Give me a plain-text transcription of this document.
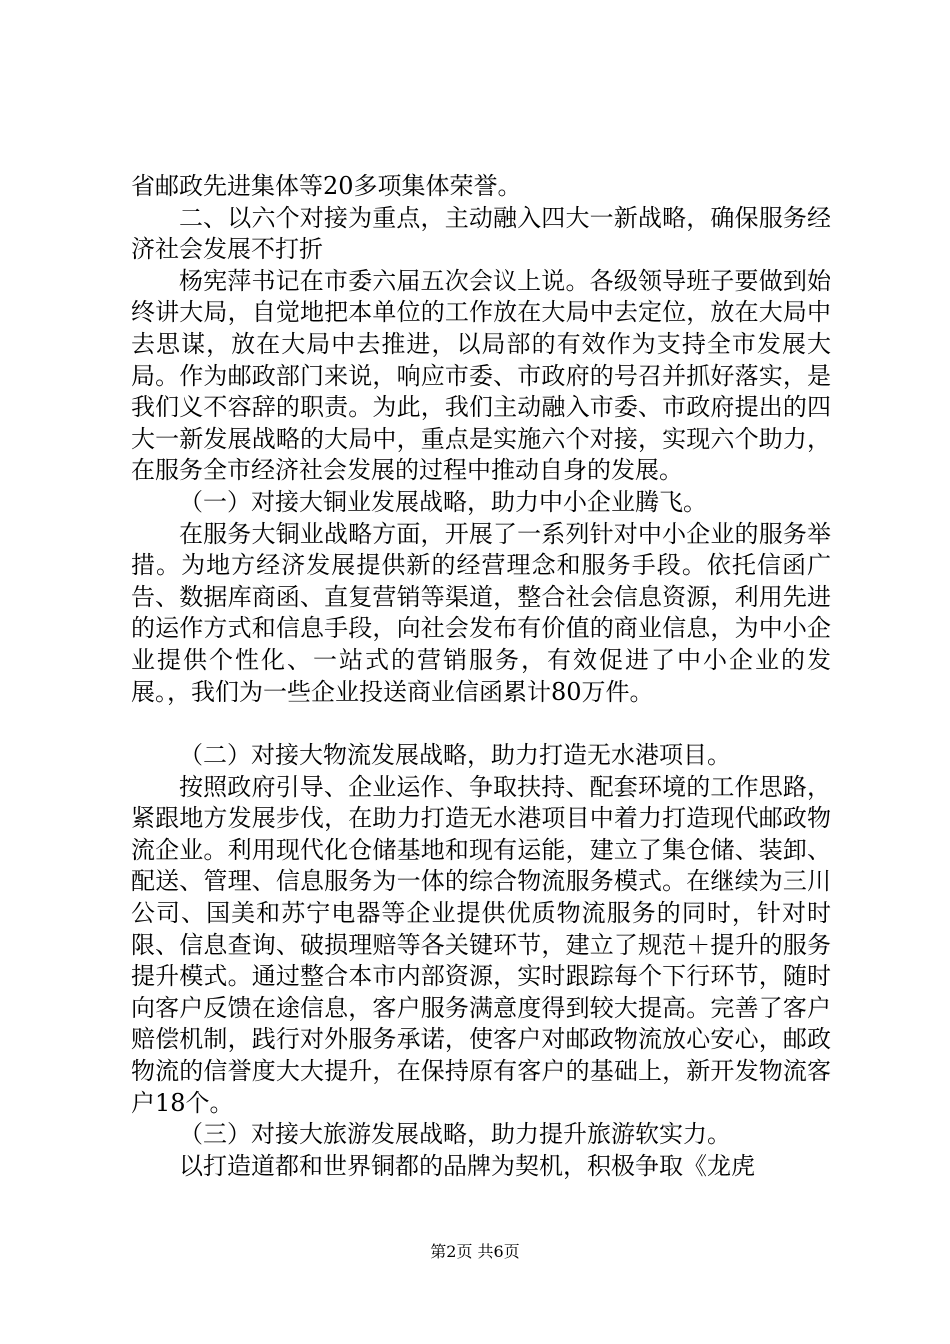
省邮政先进集体等20多项集体荣誉。

二、以六个对接为重点，主动融入四大一新战略，确保服务经济社会发展不打折

杨宪萍书记在市委六届五次会议上说。各级领导班子要做到始终讲大局，自觉地把本单位的工作放在大局中去定位，放在大局中去思谋，放在大局中去推进，以局部的有效作为支持全市发展大局。作为邮政部门来说，响应市委、市政府的号召并抓好落实，是我们义不容辞的职责。为此，我们主动融入市委、市政府提出的四大一新发展战略的大局中，重点是实施六个对接，实现六个助力，在服务全市经济社会发展的过程中推动自身的发展。

（一）对接大铜业发展战略，助力中小企业腾飞。

在服务大铜业战略方面，开展了一系列针对中小企业的服务举措。为地方经济发展提供新的经营理念和服务手段。依托信函广告、数据库商函、直复营销等渠道，整合社会信息资源，利用先进的运作方式和信息手段，向社会发布有价值的商业信息，为中小企业提供个性化、一站式的营销服务，有效促进了中小企业的发展。，我们为一些企业投送商业信函累计80万件。

（二）对接大物流发展战略，助力打造无水港项目。

按照政府引导、企业运作、争取扶持、配套环境的工作思路，紧跟地方发展步伐，在助力打造无水港项目中着力打造现代邮政物流企业。利用现代化仓储基地和现有运能，建立了集仓储、装卸、配送、管理、信息服务为一体的综合物流服务模式。在继续为三川公司、国美和苏宁电器等企业提供优质物流服务的同时，针对时限、信息查询、破损理赔等各关键环节，建立了规范＋提升的服务提升模式。通过整合本市内部资源，实时跟踪每个下行环节，随时向客户反馈在途信息，客户服务满意度得到较大提高。完善了客户赔偿机制，践行对外服务承诺，使客户对邮政物流放心安心，邮政物流的信誉度大大提升，在保持原有客户的基础上，新开发物流客户18个。

（三）对接大旅游发展战略，助力提升旅游软实力。

以打造道都和世界铜都的品牌为契机，积极争取《龙虎

第2页 共6页
